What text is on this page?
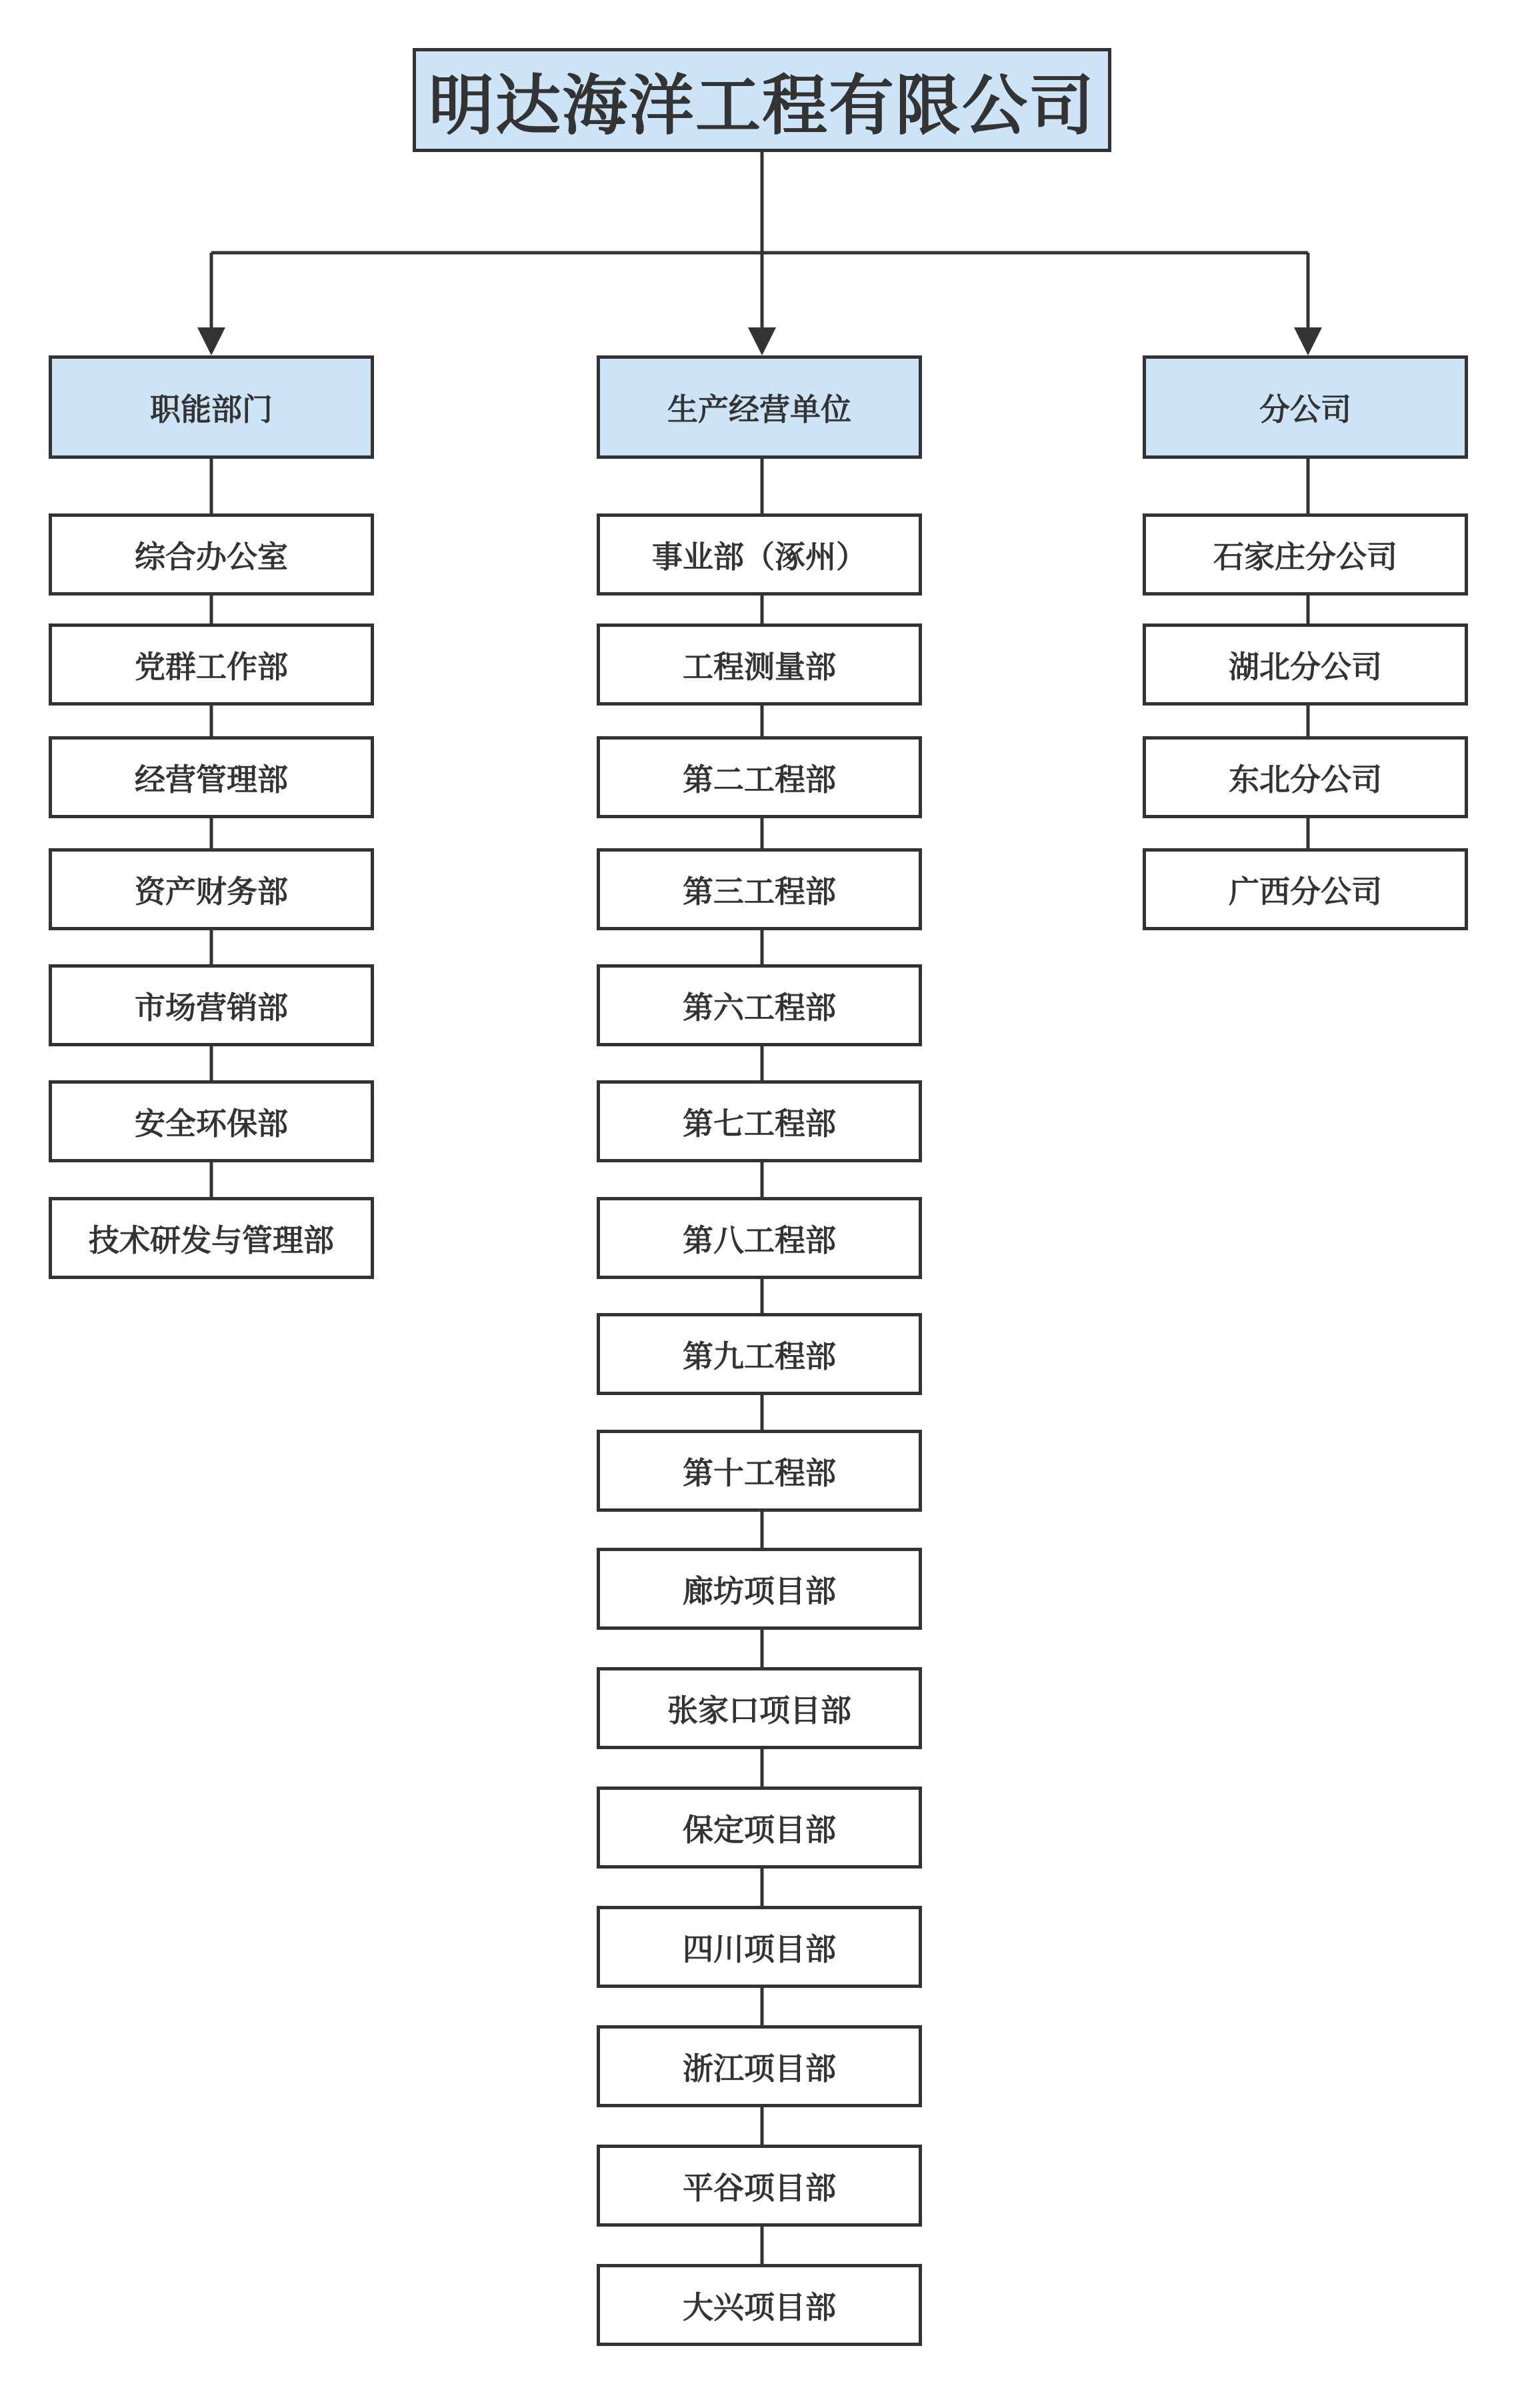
明达海洋工程有限公司
职能部门	生产经营单位	分公司
综合办公室
党群工作部
经营管理部
资产财务部
市场营销部
安全环保部
技术研发与管理部
事业部（涿州）
工程测量部
第二工程部
第三工程部
第六工程部
第七工程部
第八工程部
第九工程部
第十工程部
廊坊项目部
张家口项目部
保定项目部
四川项目部
浙江项目部
平谷项目部
大兴项目部
石家庄分公司
湖北分公司
东北分公司
广西分公司
